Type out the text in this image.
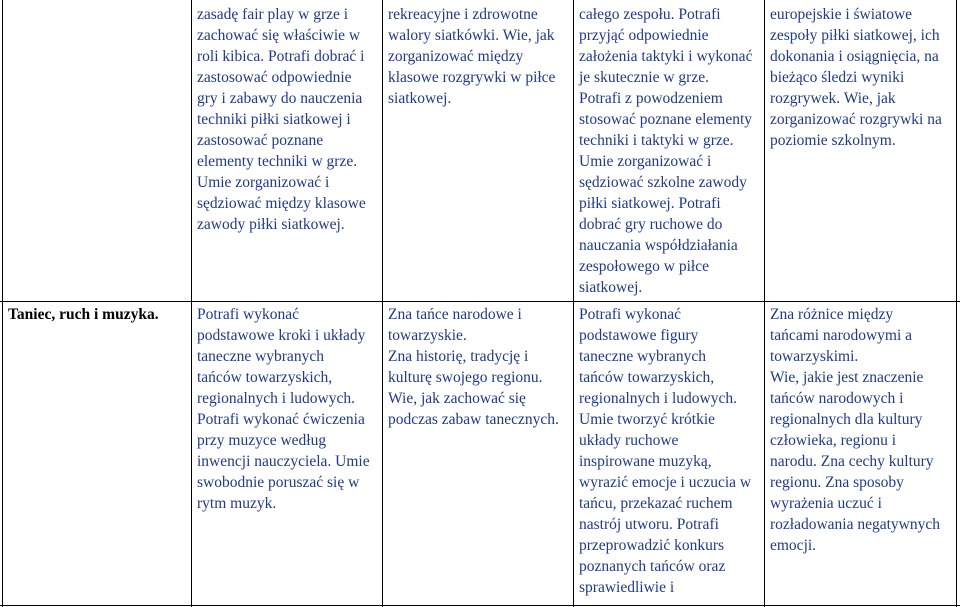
zasadę fair play w grze i
zachować się właściwie w
roli kibica. Potrafi dobrać i
zastosować odpowiednie
gry i zabawy do nauczenia
techniki piłki siatkowej i
zastosować poznane
elementy techniki w grze.
Umie zorganizować i
sędziować między klasowe
zawody piłki siatkowej.
rekreacyjne i zdrowotne
walory siatkówki. Wie, jak
zorganizować między
klasowe rozgrywki w piłce
siatkowej.
całego zespołu. Potrafi
przyjąć odpowiednie
założenia taktyki i wykonać
je skutecznie w grze.
Potrafi z powodzeniem
stosować poznane elementy
techniki i taktyki w grze.
Umie zorganizować i
sędziować szkolne zawody
piłki siatkowej. Potrafi
dobrać gry ruchowe do
nauczania współdziałania
zespołowego w piłce
siatkowej.
europejskie i światowe
zespoły piłki siatkowej, ich
dokonania i osiągnięcia, na
bieżąco śledzi wyniki
rozgrywek. Wie, jak
zorganizować rozgrywki na
poziomie szkolnym.
Taniec, ruch i muzyka.	Potrafi wykonać
podstawowe kroki i układy
taneczne wybranych
tańców towarzyskich,
regionalnych i ludowych.
Potrafi wykonać ćwiczenia
przy muzyce według
inwencji nauczyciela. Umie
swobodnie poruszać się w
rytm muzyk.
Zna tańce narodowe i
towarzyskie.
Zna historię, tradycję i
kulturę swojego regionu.
Wie, jak zachować się
podczas zabaw tanecznych.
Potrafi wykonać
podstawowe figury
taneczne wybranych
tańców towarzyskich,
regionalnych i ludowych.
Umie tworzyć krótkie
układy ruchowe
inspirowane muzyką,
wyrazić emocje i uczucia w
tańcu, przekazać ruchem
nastrój utworu. Potrafi
przeprowadzić konkurs
poznanych tańców oraz
sprawiedliwie i
Zna różnice między
tańcami narodowymi a
towarzyskimi.
Wie, jakie jest znaczenie
tańców narodowych i
regionalnych dla kultury
człowieka, regionu i
narodu. Zna cechy kultury
regionu. Zna sposoby
wyrażenia uczuć i
rozładowania negatywnych
emocji.
